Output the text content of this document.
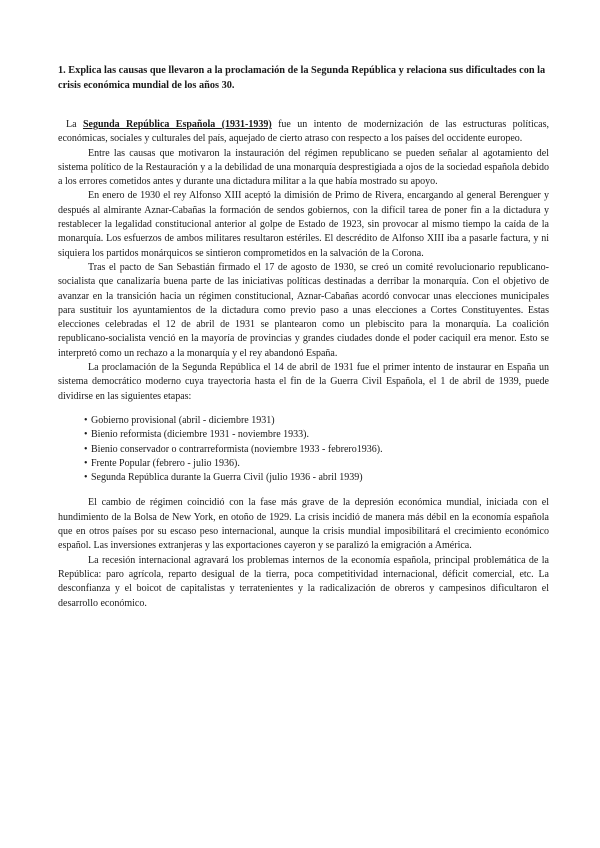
1. Explica las causas que llevaron a la proclamación de la Segunda República y relaciona sus dificultades con la crisis económica mundial de los años 30.

La Segunda República Española (1931-1939) fue un intento de modernización de las estructuras políticas, económicas, sociales y culturales del país, aquejado de cierto atraso con respecto a los países del occidente europeo.

Entre las causas que motivaron la instauración del régimen republicano se pueden señalar al agotamiento del sistema político de la Restauración y a la debilidad de una monarquía desprestigiada a ojos de la sociedad española debido a los errores cometidos antes y durante una dictadura militar a la que había mostrado su apoyo.

En enero de 1930 el rey Alfonso XIII aceptó la dimisión de Primo de Rivera, encargando al general Berenguer y después al almirante Aznar-Cabañas la formación de sendos gobiernos, con la difícil tarea de poner fin a la dictadura y restablecer la legalidad constitucional anterior al golpe de Estado de 1923, sin provocar al mismo tiempo la caída de la monarquía. Los esfuerzos de ambos militares resultaron estériles. El descrédito de Alfonso XIII iba a pasarle factura, y ni siquiera los partidos monárquicos se sintieron comprometidos en la salvación de la Corona.

Tras el pacto de San Sebastián firmado el 17 de agosto de 1930, se creó un comité revolucionario republicano-socialista que canalizaría buena parte de las iniciativas políticas destinadas a derribar la monarquía. Con el objetivo de avanzar en la transición hacia un régimen constitucional, Aznar-Cabañas acordó convocar unas elecciones municipales para sustituir los ayuntamientos de la dictadura como previo paso a unas elecciones a Cortes Constituyentes. Estas elecciones celebradas el 12 de abril de 1931 se plantearon como un plebiscito para la monarquía. La coalición republicano-socialista venció en la mayoría de provincias y grandes ciudades donde el poder caciquil era menor. Esto se interpretó como un rechazo a la monarquía y el rey abandonó España.

La proclamación de la Segunda República el 14 de abril de 1931 fue el primer intento de instaurar en España un sistema democrático moderno cuya trayectoria hasta el fin de la Guerra Civil Española, el 1 de abril de 1939, puede dividirse en las siguientes etapas:

• Gobierno provisional (abril - diciembre 1931)
• Bienio reformista (diciembre 1931 - noviembre 1933).
• Bienio conservador o contrarreformista (noviembre 1933 - febrero1936).
• Frente Popular (febrero - julio 1936).
• Segunda República durante la Guerra Civil (julio 1936 - abril 1939)

El cambio de régimen coincidió con la fase más grave de la depresión económica mundial, iniciada con el hundimiento de la Bolsa de New York, en otoño de 1929. La crisis incidió de manera más débil en la economía española que en otros países por su escaso peso internacional, aunque la crisis mundial imposibilitará el crecimiento económico español. Las inversiones extranjeras y las exportaciones cayeron y se paralizó la emigración a América.

La recesión internacional agravará los problemas internos de la economía española, principal problemática de la República: paro agrícola, reparto desigual de la tierra, poca competitividad internacional, déficit comercial, etc. La desconfianza y el boicot de capitalistas y terratenientes y la radicalización de obreros y campesinos dificultaron el desarrollo económico.
